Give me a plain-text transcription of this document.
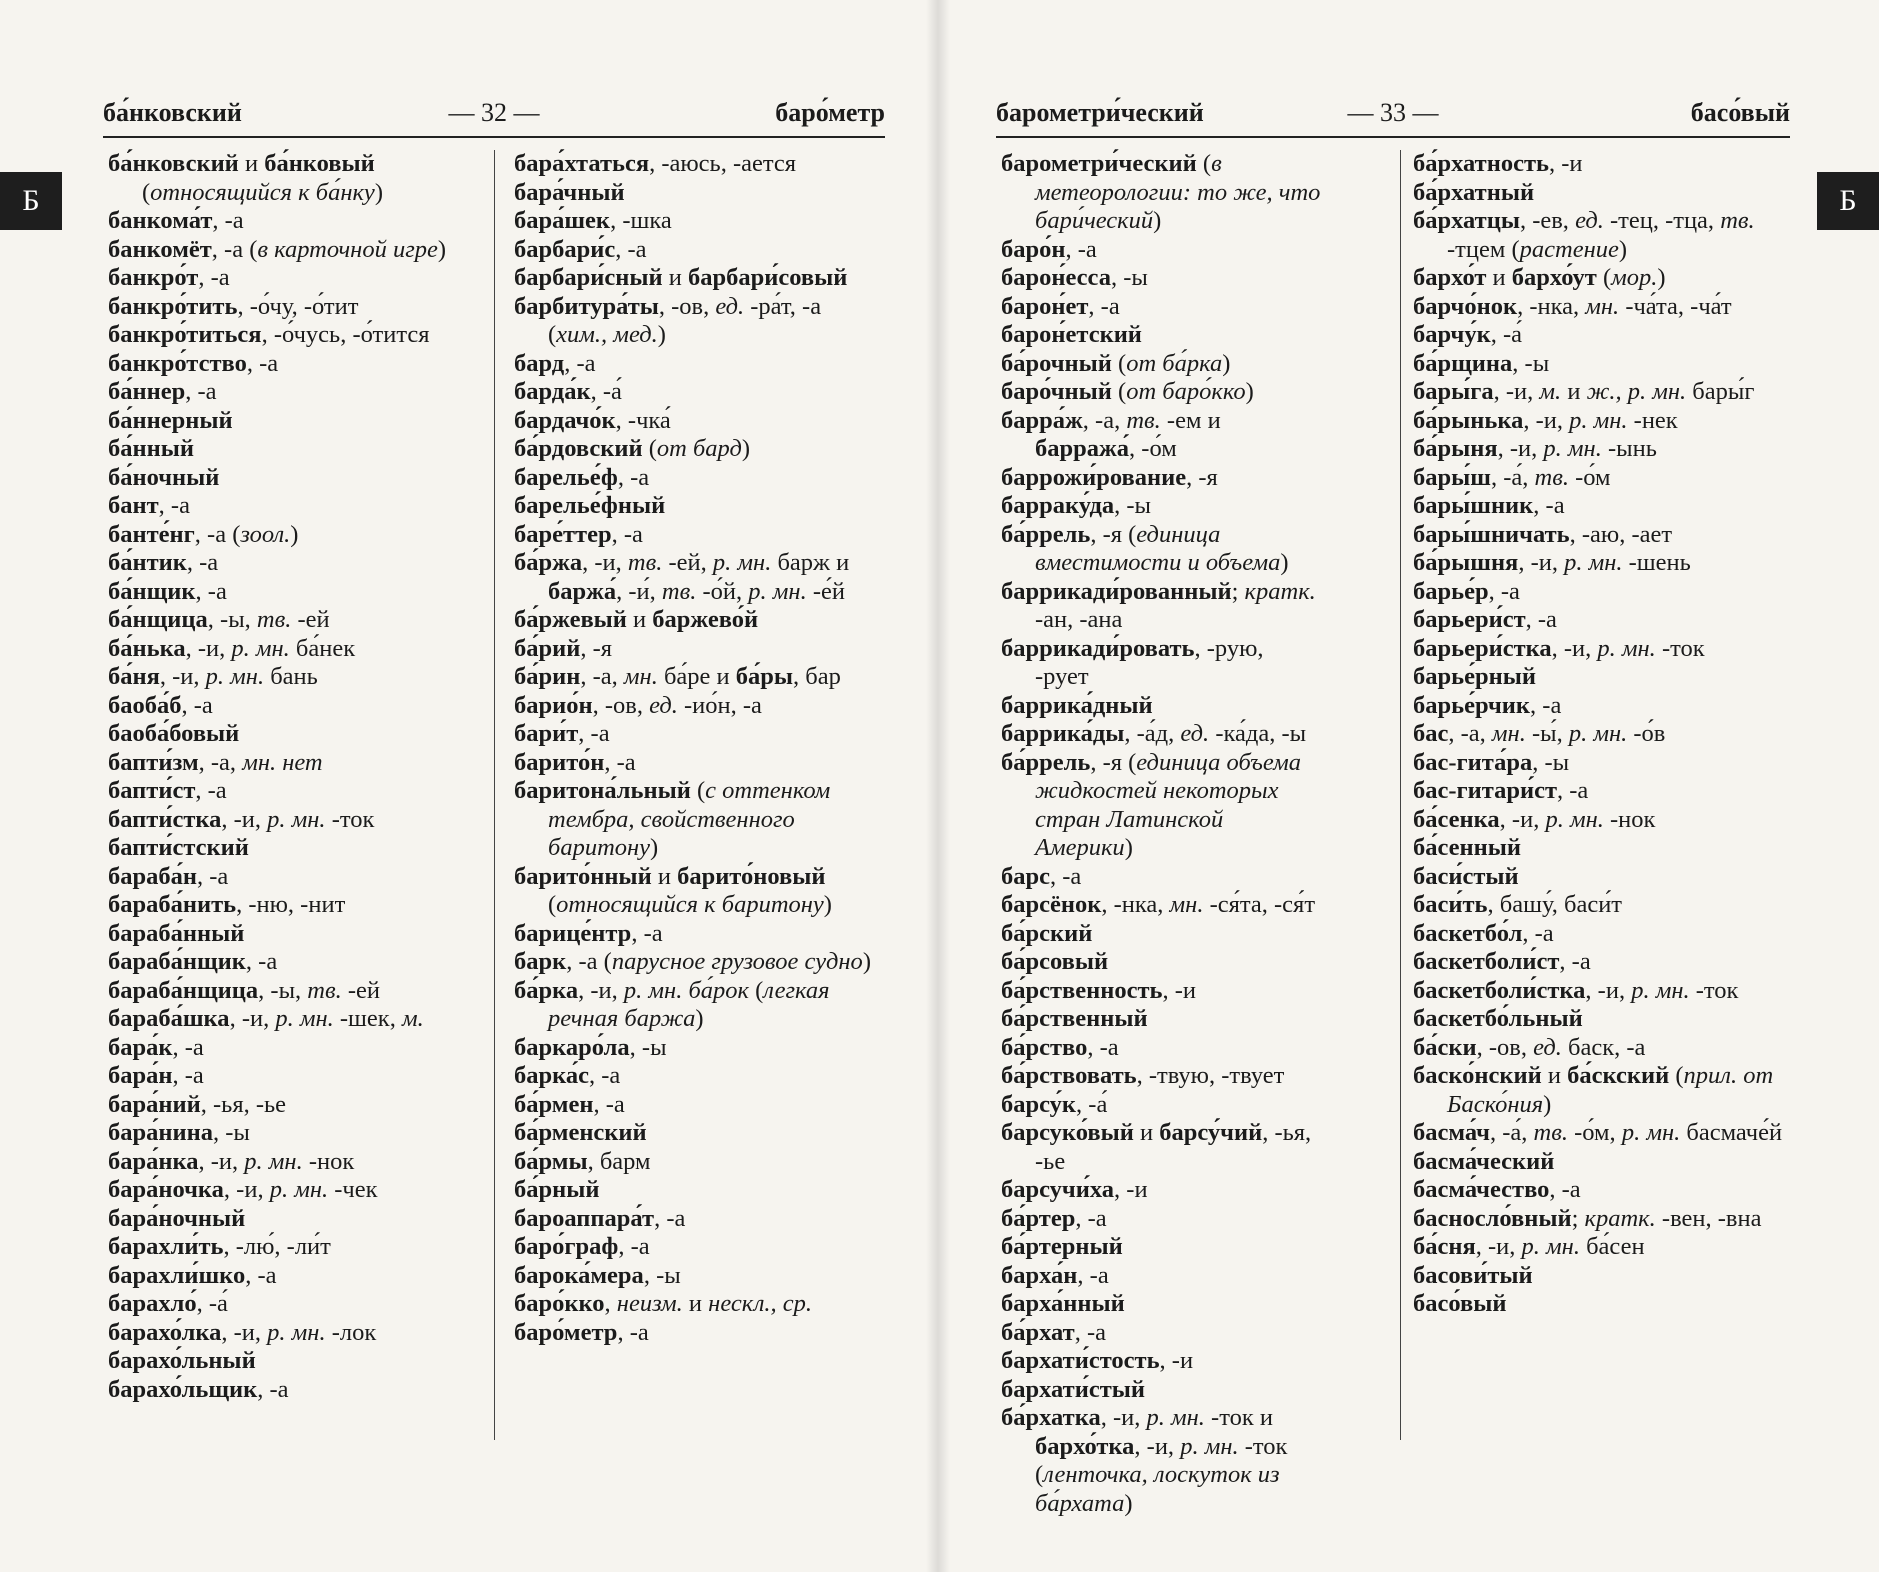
ба́нковский	— 32 —	баро́метр
Б

ба́нковский и ба́нковый (относящийся к ба́нку)

банкома́т, -а

банкомёт, -а (в карточной игре)

банкро́т, -а

банкро́тить, -о́чу, -о́тит

банкро́титься, -о́чусь, -о́тится

банкро́тство, -а

ба́ннер, -а

ба́ннерный

ба́нный

ба́ночный

бант, -а

банте́нг, -а (зоол.)

ба́нтик, -а

ба́нщик, -а

ба́нщица, -ы, тв. -ей

ба́нька, -и, р. мн. ба́нек

ба́ня, -и, р. мн. бань

баоба́б, -а

баоба́бовый

бапти́зм, -а, мн. нет

бапти́ст, -а

бапти́стка, -и, р. мн. -ток

бапти́стский

бараба́н, -а

бараба́нить, -ню, -нит

бараба́нный

бараба́нщик, -а

бараба́нщица, -ы, тв. -ей

бараба́шка, -и, р. мн. -шек, м.

бара́к, -а

бара́н, -а

бара́ний, -ья, -ье

бара́нина, -ы

бара́нка, -и, р. мн. -нок

бара́ночка, -и, р. мн. -чек

бара́ночный

барахли́ть, -лю́, -ли́т

барахли́шко, -а

барахло́, -а́

барахо́лка, -и, р. мн. -лок

барахо́льный

барахо́льщик, -а

бара́хтаться, -аюсь, -ается

бара́чный

бара́шек, -шка

барбари́с, -а

барбари́сный и барбари́совый

барбитура́ты, -ов, ед. -ра́т, -а (хим., мед.)

бард, -а

барда́к, -а́

бардачо́к, -чка́

ба́рдовский (от бард)

барелье́ф, -а

барелье́фный

баре́ттер, -а

ба́ржа, -и, тв. -ей, р. мн. барж и баржа́, -и́, тв. -о́й, р. мн. -е́й

ба́ржевый и баржево́й

ба́рий, -я

ба́рин, -а, мн. ба́ре и ба́ры, бар

барио́н, -ов, ед. -ио́н, -а

бари́т, -а

барито́н, -а

баритона́льный (с оттенком тембра, свойственного баритону)

барито́нный и барито́новый (относящийся к баритону)

барице́нтр, -а

барк, -а (парусное грузовое судно)

ба́рка, -и, р. мн. ба́рок (легкая речная баржа)

баркаро́ла, -ы

барка́с, -а

ба́рмен, -а

ба́рменский

ба́рмы, барм

ба́рный

бароаппара́т, -а

баро́граф, -а

барока́мера, -ы

баро́кко, неизм. и нескл., ср.

баро́метр, -а

барометри́ческий	— 33 —	басо́вый
Б

барометри́ческий (в метеорологии: то же, что бари́ческий)

баро́н, -а

барон́есса, -ы

барон́ет, -а

барон́етский

ба́рочный (от ба́рка)

баро́чный (от баро́кко)

барра́ж, -а, тв. -ем и барража́, -о́м

баррожи́рование, -я

барраку́да, -ы

ба́ррель, -я (единица вместимости и объема)

баррикади́рованный; кратк. -ан, -ана

баррикади́ровать, -рую, -рует

баррика́дный

баррика́ды, -а́д, ед. -ка́да, -ы

ба́ррель, -я (единица объема жидкостей некоторых стран Латинской Америки)

барс, -а

барсёнок, -нка, мн. -ся́та, -ся́т

ба́рский

ба́рсовый

ба́рственность, -и

ба́рственный

ба́рство, -а

ба́рствовать, -твую, -твует

барсу́к, -а́

барсуко́вый и барсу́чий, -ья, -ье

барсучи́ха, -и

ба́ртер, -а

ба́ртерный

барха́н, -а

барха́нный

ба́рхат, -а

бархати́стость, -и

бархати́стый

ба́рхатка, -и, р. мн. -ток и бархо́тка, -и, р. мн. -ток (ленточка, лоскуток из ба́рхата)

ба́рхатность, -и

ба́рхатный

ба́рхатцы, -ев, ед. -тец, -тца, тв. -тцем (растение)

бархо́т и бархо́ут (мор.)

барчо́нок, -нка, мн. -ча́та, -ча́т

барчу́к, -а́

ба́рщина, -ы

бары́га, -и, м. и ж., р. мн. бары́г

ба́рынька, -и, р. мн. -нек

ба́рыня, -и, р. мн. -ынь

бары́ш, -а́, тв. -о́м

бары́шник, -а

бары́шничать, -аю, -ает

ба́рышня, -и, р. мн. -шень

барье́р, -а

барьери́ст, -а

барьери́стка, -и, р. мн. -ток

барье́рный

барье́рчик, -а

бас, -а, мн. -ы́, р. мн. -о́в

бас-гита́ра, -ы

бас-гитари́ст, -а

ба́сенка, -и, р. мн. -нок

ба́сенный

баси́стый

баси́ть, башу́, баси́т

баскетбо́л, -а

баскетболи́ст, -а

баскетболи́стка, -и, р. мн. -ток

баскетбо́льный

ба́ски, -ов, ед. баск, -а

баско́нский и ба́скский (прил. от Баско́ния)

басма́ч, -а́, тв. -о́м, р. мн. басмаче́й

басма́ческий

басма́чество, -а

басносло́вный; кратк. -вен, -вна

ба́сня, -и, р. мн. ба́сен

басови́тый

басо́вый
